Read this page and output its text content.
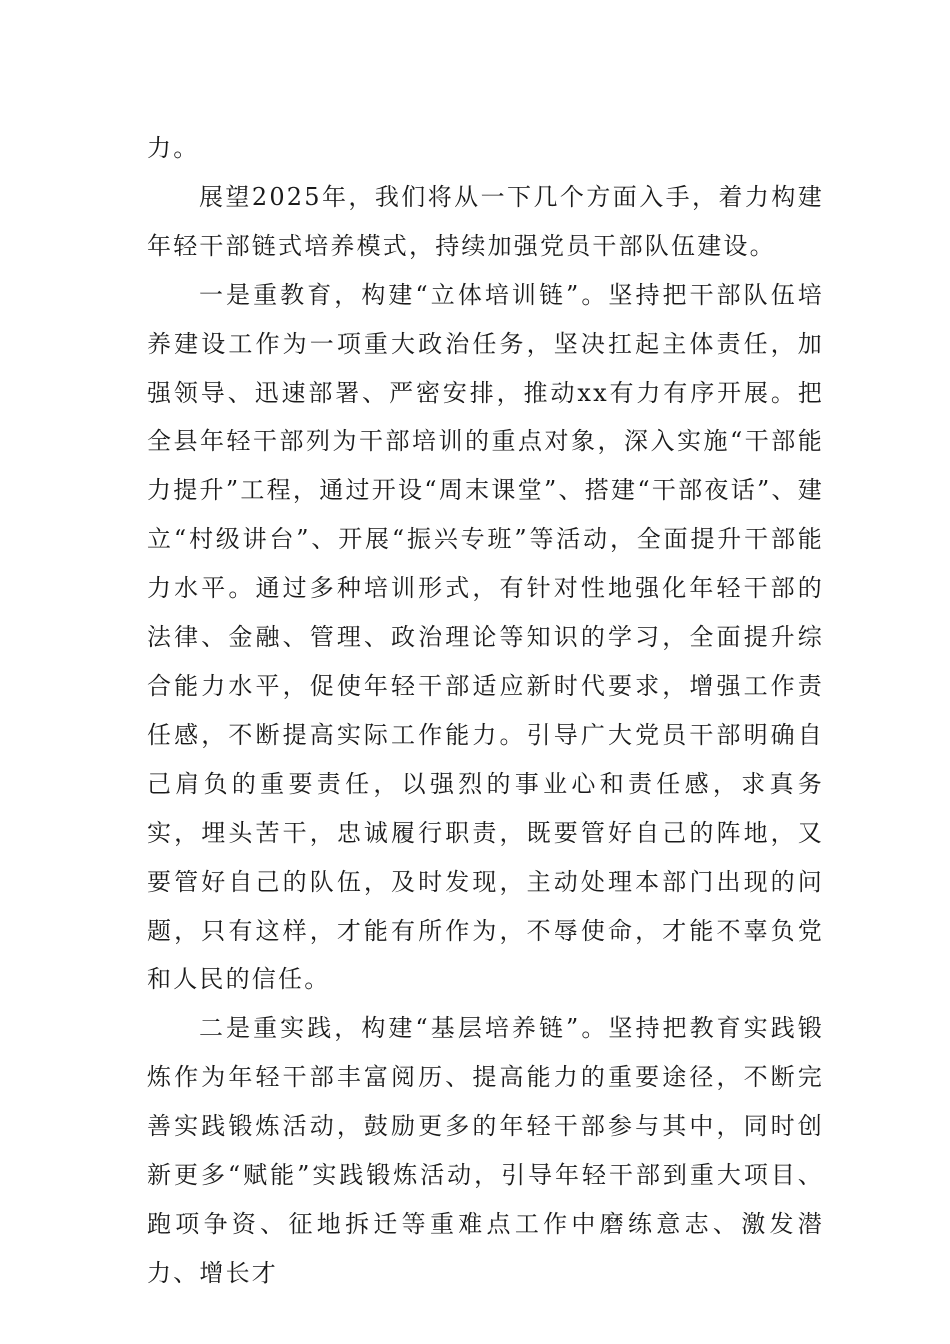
力。

展望2025年，我们将从一下几个方面入手，着力构建年轻干部链式培养模式，持续加强党员干部队伍建设。

一是重教育，构建“立体培训链”。坚持把干部队伍培养建设工作为一项重大政治任务，坚决扛起主体责任，加强领导、迅速部署、严密安排，推动xx有力有序开展。把全县年轻干部列为干部培训的重点对象，深入实施“干部能力提升”工程，通过开设“周末课堂”、搭建“干部夜话”、建立“村级讲台”、开展“振兴专班”等活动，全面提升干部能力水平。通过多种培训形式，有针对性地强化年轻干部的法律、金融、管理、政治理论等知识的学习，全面提升综合能力水平，促使年轻干部适应新时代要求，增强工作责任感，不断提高实际工作能力。引导广大党员干部明确自己肩负的重要责任，以强烈的事业心和责任感，求真务实，埋头苦干，忠诚履行职责，既要管好自己的阵地，又要管好自己的队伍，及时发现，主动处理本部门出现的问题，只有这样，才能有所作为，不辱使命，才能不辜负党和人民的信任。

二是重实践，构建“基层培养链”。坚持把教育实践锻炼作为年轻干部丰富阅历、提高能力的重要途径，不断完善实践锻炼活动，鼓励更多的年轻干部参与其中，同时创新更多“赋能”实践锻炼活动，引导年轻干部到重大项目、跑项争资、征地拆迁等重难点工作中磨练意志、激发潜力、增长才
